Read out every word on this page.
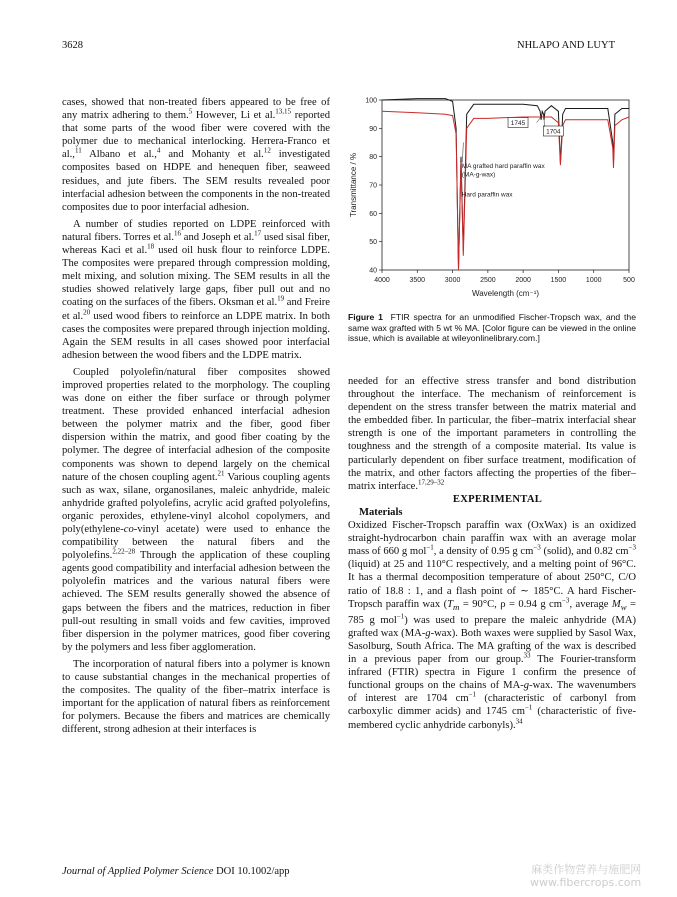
3628	NHLAPO AND LUYT

cases, showed that non-treated fibers appeared to be free of any matrix adhering to them.$^5$ However, Li et al.$^{13,15}$ reported that some parts of the wood fiber were covered with the polymer due to mechanical interlocking. Herrera-Franco et al.,$^{11}$ Albano et al.,$^4$ and Mohanty et al.$^{12}$ investigated composites based on HDPE and henequen fiber, seaweed residues, and jute fibers. The SEM results revealed poor interfacial adhesion between the components in the non-treated composites due to poor interfacial adhesion.

A number of studies reported on LDPE reinforced with natural fibers. Torres et al.$^{16}$ and Joseph et al.$^{17}$ used sisal fiber, whereas Kaci et al.$^{18}$ used oil husk flour to reinforce LDPE. The composites were prepared through compression molding, melt mixing, and solution mixing. The SEM results in all the studies showed relatively large gaps, fiber pull out and no coating on the surfaces of the fibers. Oksman et al.$^{19}$ and Freire et al.$^{20}$ used wood fibers to reinforce an LDPE matrix. In both cases the composites were prepared through injection molding. Again the SEM results in all cases showed poor interfacial adhesion between the wood fibers and the LDPE matrix.

Coupled polyolefin/natural fiber composites showed improved properties related to the morphology. The coupling was done on either the fiber surface or through polymer treatment. These provided enhanced interfacial adhesion between the polymer matrix and the fiber, good fiber dispersion within the matrix, and good fiber coating by the polymer. The degree of interfacial adhesion of the composite components was shown to depend largely on the chemical nature of the chosen coupling agent.$^{21}$ Various coupling agents such as wax, silane, organosilanes, maleic anhydride, maleic anhydride grafted polyolefins, acrylic acid grafted polyolefins, organic peroxides, ethylene-vinyl alcohol copolymers, and poly(ethylene-co-vinyl acetate) were used to enhance the compatibility between the natural fibers and the polyolefins.$^{2,22-28}$ Through the application of these coupling agents good compatibility and interfacial adhesion between the polyolefin matrices and the various natural fibers were achieved. The SEM results generally showed the absence of gaps between the fibers and the matrices, reduction in fiber pull-out resulting in small voids and few cavities, improved fiber dispersion in the polymer matrices, good fiber covering by the polymers and less fiber agglomeration.

The incorporation of natural fibers into a polymer is known to cause substantial changes in the mechanical properties of the composites. The quality of the fiber–matrix interface is important for the application of natural fibers as reinforcement for polymers. Because the fibers and matrices are chemically different, strong adhesion at their interfaces is

4000	3500	3000	2500	2000	1500	1000	500
40
50
60
70
80
90
100
Wavelength (cm⁻¹)
Transmittance / %	MA grafted hard paraffin wax
(MA-g-wax)
Hard paraffin wax
1745
1704
Figure 1  FTIR spectra for an unmodified Fischer-Tropsch wax, and the same wax grafted with 5 wt % MA. [Color figure can be viewed in the online issue, which is available at wileyonlinelibrary.com.]

needed for an effective stress transfer and bond distribution throughout the interface. The mechanism of reinforcement is dependent on the stress transfer between the matrix material and the embedded fiber. In particular, the fiber–matrix interfacial shear strength is one of the important parameters in controlling the toughness and the strength of a composite material. Its value is particularly dependent on fiber surface treatment, modification of the matrix, and other factors affecting the properties of the fiber–matrix interface.$^{17,29-32}$

EXPERIMENTAL

Materials

Oxidized Fischer-Tropsch paraffin wax (OxWax) is an oxidized straight-hydrocarbon chain paraffin wax with an average molar mass of 660 g mol$^{-1}$, a density of 0.95 g $cm^{-3}$ (solid), and 0.82 $cm^{-3}$ (liquid) at 25 and 110°C respectively, and a melting point of 96°C. It has a thermal decomposition temperature of about 250°C, C/O ratio of 18.8 : 1, and a flash point of ∼ 185°C. A hard Fischer-Tropsch paraffin wax ($T_m = 90^\circ C$, ρ = 0.94 g $cm^{-3}$, average $M_w = 785$ g mol$^{-1}$) was used to prepare the maleic anhydride (MA) grafted wax (MA-g-wax). Both waxes were supplied by Sasol Wax, Sasolburg, South Africa. The MA grafting of the wax is described in a previous paper from our group.$^{33}$ The Fourier-transform infrared (FTIR) spectra in Figure 1 confirm the presence of functional groups on the chains of MA-g-wax. The wavenumbers of interest are 1704 $cm^{-1}$ (characteristic of carbonyl from carboxylic dimmer acids) and 1745 $cm^{-1}$ (characteristic of five-membered cyclic anhydride carbonyls).$^{34}$

Journal of Applied Polymer Science DOI 10.1002/app	麻类作物营养与施肥网
www.fibercrops.com
